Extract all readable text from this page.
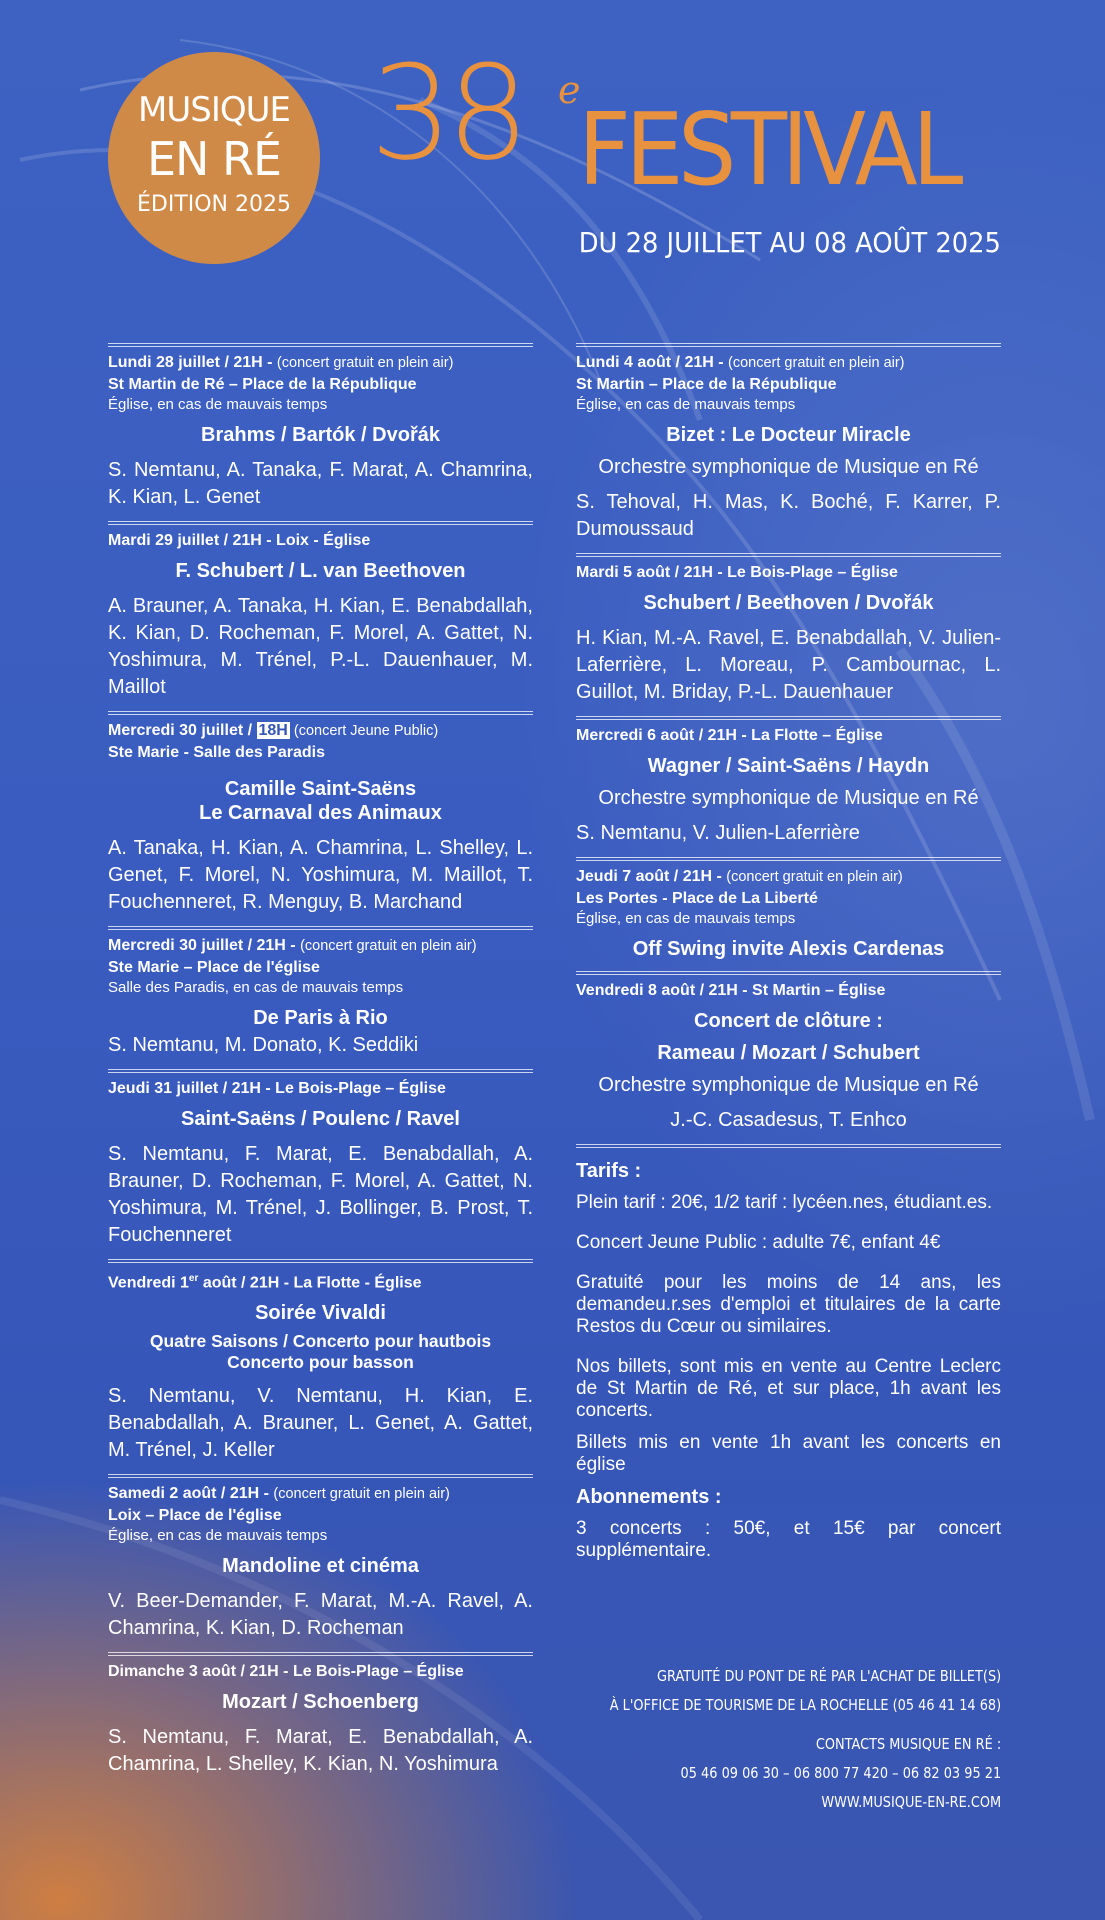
MUSIQUE
EN RÉ
ÉDITION 2025
38 e
FESTIVAL
DU 28 JUILLET AU 08 AOÛT 2025
Lundi 28 juillet / 21H - (concert gratuit en plein air)
St Martin de Ré – Place de la République
Église, en cas de mauvais temps
Brahms / Bartók / Dvořák
S. Nemtanu, A. Tanaka, F. Marat, A. Chamrina, K. Kian, L. Genet
Mardi 29 juillet / 21H - Loix - Église
F. Schubert / L. van Beethoven
A. Brauner, A. Tanaka, H. Kian, E. Benabdallah, K. Kian, D. Rocheman, F. Morel, A. Gattet, N. Yoshimura, M. Trénel, P.-L. Dauenhauer, M. Maillot
Mercredi 30 juillet / 18H (concert Jeune Public)
Ste Marie - Salle des Paradis
Camille Saint-Saëns
Le Carnaval des Animaux
A. Tanaka, H. Kian, A. Chamrina, L. Shelley, L. Genet, F. Morel, N. Yoshimura, M. Maillot, T. Fouchenneret, R. Menguy, B. Marchand
Mercredi 30 juillet / 21H - (concert gratuit en plein air)
Ste Marie – Place de l'église
Salle des Paradis, en cas de mauvais temps
De Paris à Rio
S. Nemtanu, M. Donato, K. Seddiki
Jeudi 31 juillet / 21H - Le Bois-Plage – Église
Saint-Saëns / Poulenc / Ravel
S. Nemtanu, F. Marat, E. Benabdallah, A. Brauner, D. Rocheman, F. Morel, A. Gattet, N. Yoshimura, M. Trénel, J. Bollinger, B. Prost, T. Fouchenneret
Vendredi 1er août / 21H - La Flotte - Église
Soirée Vivaldi
Quatre Saisons / Concerto pour hautbois
Concerto pour basson
S. Nemtanu, V. Nemtanu, H. Kian, E. Benabdallah, A. Brauner, L. Genet, A. Gattet, M. Trénel, J. Keller
Samedi 2 août / 21H - (concert gratuit en plein air)
Loix – Place de l'église
Église, en cas de mauvais temps
Mandoline et cinéma
V. Beer-Demander, F. Marat, M.-A. Ravel, A. Chamrina, K. Kian, D. Rocheman
Dimanche 3 août / 21H - Le Bois-Plage – Église
Mozart / Schoenberg
S. Nemtanu, F. Marat, E. Benabdallah, A. Chamrina, L. Shelley, K. Kian, N. Yoshimura
Lundi 4 août / 21H - (concert gratuit en plein air)
St Martin – Place de la République
Église, en cas de mauvais temps
Bizet : Le Docteur Miracle
Orchestre symphonique de Musique en Ré
S. Tehoval, H. Mas, K. Boché, F. Karrer, P. Dumoussaud
Mardi 5 août / 21H - Le Bois-Plage – Église
Schubert / Beethoven / Dvořák
H. Kian, M.-A. Ravel, E. Benabdallah, V. Julien-Laferrière, L. Moreau, P. Cambournac, L. Guillot, M. Briday, P.-L. Dauenhauer
Mercredi 6 août / 21H - La Flotte – Église
Wagner / Saint-Saëns / Haydn
Orchestre symphonique de Musique en Ré
S. Nemtanu, V. Julien-Laferrière
Jeudi 7 août / 21H - (concert gratuit en plein air)
Les Portes - Place de La Liberté
Église, en cas de mauvais temps
Off Swing invite Alexis Cardenas
Vendredi 8 août / 21H - St Martin – Église
Concert de clôture :
Rameau / Mozart / Schubert
Orchestre symphonique de Musique en Ré
J.-C. Casadesus, T. Enhco
Tarifs :

Plein tarif : 20€, 1/2 tarif : lycéen.nes, étudiant.es.

Concert Jeune Public : adulte 7€, enfant 4€

Gratuité pour les moins de 14 ans, les demandeu.r.ses d'emploi et titulaires de la carte Restos du Cœur ou similaires.

Nos billets, sont mis en vente au Centre Leclerc de St Martin de Ré, et sur place, 1h avant les concerts.

Billets mis en vente 1h avant les concerts en église

Abonnements :

3 concerts : 50€, et 15€ par concert supplémentaire.

GRATUITÉ DU PONT DE RÉ PAR L'ACHAT DE BILLET(S)
À L'OFFICE DE TOURISME DE LA ROCHELLE (05 46 41 14 68)
CONTACTS MUSIQUE EN RÉ :
05 46 09 06 30 – 06 800 77 420 – 06 82 03 95 21
WWW.MUSIQUE-EN-RE.COM
